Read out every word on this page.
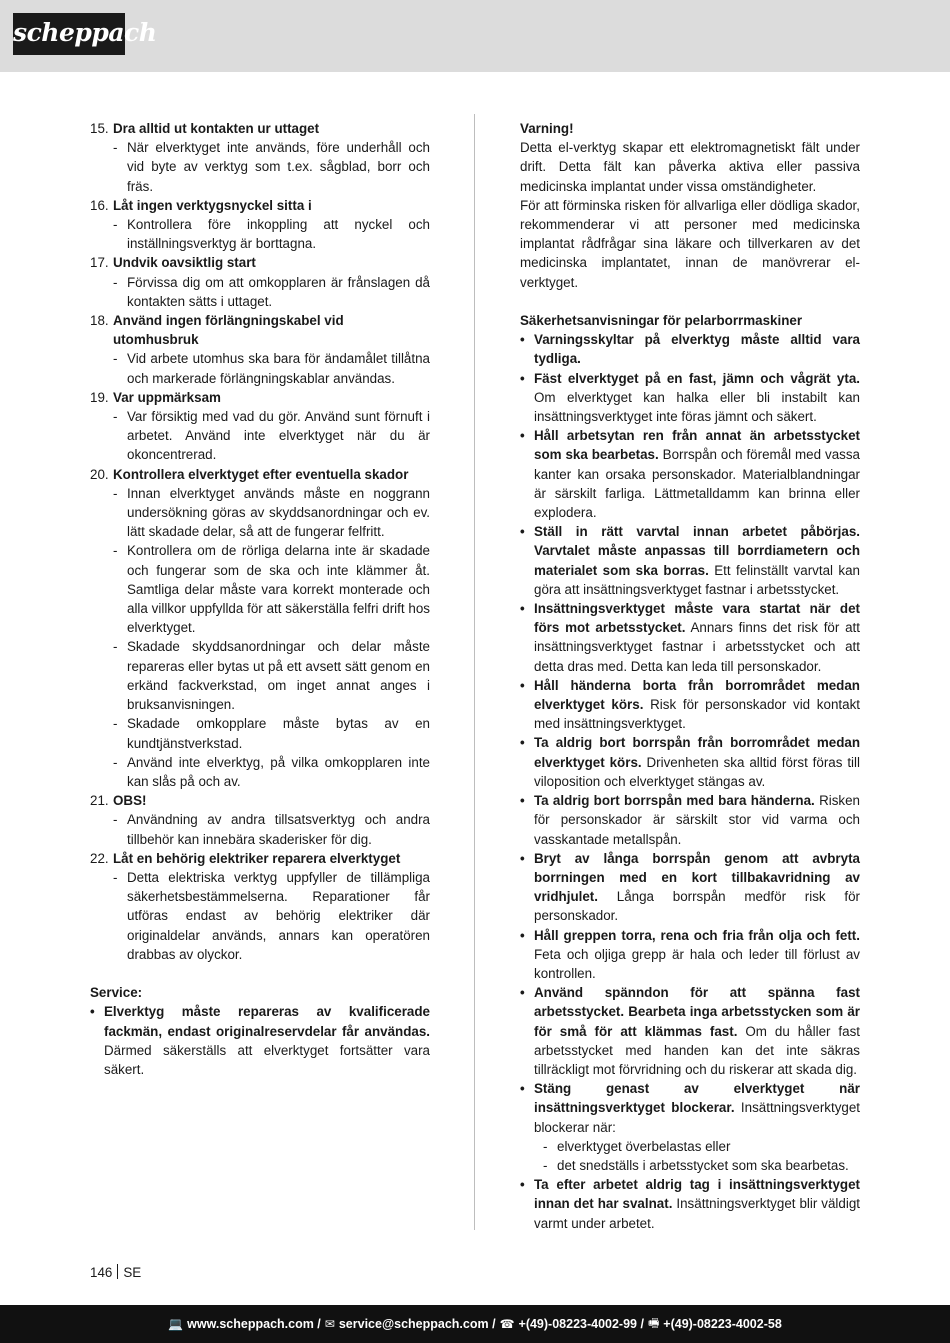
scheppach
15. Dra alltid ut kontakten ur uttaget
- När elverktyget inte används, före underhåll och vid byte av verktyg som t.ex. sågblad, borr och fräs.
16. Låt ingen verktygsnyckel sitta i
- Kontrollera före inkoppling att nyckel och inställningsverktyg är borttagna.
17. Undvik oavsiktlig start
- Förvissa dig om att omkopplaren är frånslagen då kontakten sätts i uttaget.
18. Använd ingen förlängningskabel vid utomhusbruk
- Vid arbete utomhus ska bara för ändamålet tillåtna och markerade förlängningskablar användas.
19. Var uppmärksam
- Var försiktig med vad du gör. Använd sunt förnuft i arbetet. Använd inte elverktyget när du är okoncentrerad.
20. Kontrollera elverktyget efter eventuella skador
- Innan elverktyget används måste en noggrann undersökning göras av skyddsanordningar och ev. lätt skadade delar, så att de fungerar felfritt.
- Kontrollera om de rörliga delarna inte är skadade och fungerar som de ska och inte klämmer åt. Samtliga delar måste vara korrekt monterade och alla villkor uppfyllda för att säkerställa felfri drift hos elverktyget.
- Skadade skyddsanordningar och delar måste repareras eller bytas ut på ett avsett sätt genom en erkänd fackverkstad, om inget annat anges i bruksanvisningen.
- Skadade omkopplare måste bytas av en kundtjänstverkstad.
- Använd inte elverktyg, på vilka omkopplaren inte kan slås på och av.
21. OBS!
- Användning av andra tillsatsverktyg och andra tillbehör kan innebära skaderisker för dig.
22. Låt en behörig elektriker reparera elverktyget
- Detta elektriska verktyg uppfyller de tillämpliga säkerhetsbestämmelserna. Reparationer får utföras endast av behörig elektriker där originaldelar används, annars kan operatören drabbas av olyckor.
Service:
• Elverktyg måste repareras av kvalificerade fackmän, endast originalreservdelar får användas. Därmed säkerställs att elverktyget fortsätter vara säkert.
Varning!
Detta el-verktyg skapar ett elektromagnetiskt fält under drift. Detta fält kan påverka aktiva eller passiva medicinska implantat under vissa omständigheter.
För att förminska risken för allvarliga eller dödliga skador, rekommenderar vi att personer med medicinska implantat rådfrågar sina läkare och tillverkaren av det medicinska implantatet, innan de manövrerar el-verktyget.
Säkerhetsanvisningar för pelarborrmaskiner
• Varningsskyltar på elverktyg måste alltid vara tydliga.
• Fäst elverktyget på en fast, jämn och vågrät yta. Om elverktyget kan halka eller bli instabilt kan insättningsverktyget inte föras jämnt och säkert.
• Håll arbetsytan ren från annat än arbetsstycket som ska bearbetas. Borrspån och föremål med vassa kanter kan orsaka personskador. Materialblandningar är särskilt farliga. Lättmetalldamm kan brinna eller explodera.
• Ställ in rätt varvtal innan arbetet påbörjas. Varvtalet måste anpassas till borrdiametern och materialet som ska borras. Ett felinställt varvtal kan göra att insättningsverktyget fastnar i arbetsstycket.
• Insättningsverktyget måste vara startat när det förs mot arbetsstycket. Annars finns det risk för att insättningsverktyget fastnar i arbetsstycket och att detta dras med. Detta kan leda till personskador.
• Håll händerna borta från borrområdet medan elverktyget körs. Risk för personskador vid kontakt med insättningsverktyget.
• Ta aldrig bort borrspån från borrområdet medan elverktyget körs. Drivenheten ska alltid först föras till viloposition och elverktyget stängas av.
• Ta aldrig bort borrspån med bara händerna. Risken för personskador är särskilt stor vid varma och vasskantade metallspån.
• Bryt av långa borrspån genom att avbryta borrningen med en kort tillbakavridning av vridhjulet. Långa borrspån medför risk för personskador.
• Håll greppen torra, rena och fria från olja och fett. Feta och oljiga grepp är hala och leder till förlust av kontrollen.
• Använd spänndon för att spänna fast arbetsstycket. Bearbeta inga arbetsstycken som är för små för att klämmas fast. Om du håller fast arbetsstycket med handen kan det inte säkras tillräckligt mot förvridning och du riskerar att skada dig.
• Stäng genast av elverktyget när insättningsverktyget blockerar. Insättningsverktyget blockerar när:
- elverktyget överbelastas eller
- det snedställs i arbetsstycket som ska bearbetas.
• Ta efter arbetet aldrig tag i insättningsverktyget innan det har svalnat. Insättningsverktyget blir väldigt varmt under arbetet.
146 SE
💻 www.scheppach.com / ✉ service@scheppach.com / ☎ +(49)-08223-4002-99 / 🖷 +(49)-08223-4002-58
